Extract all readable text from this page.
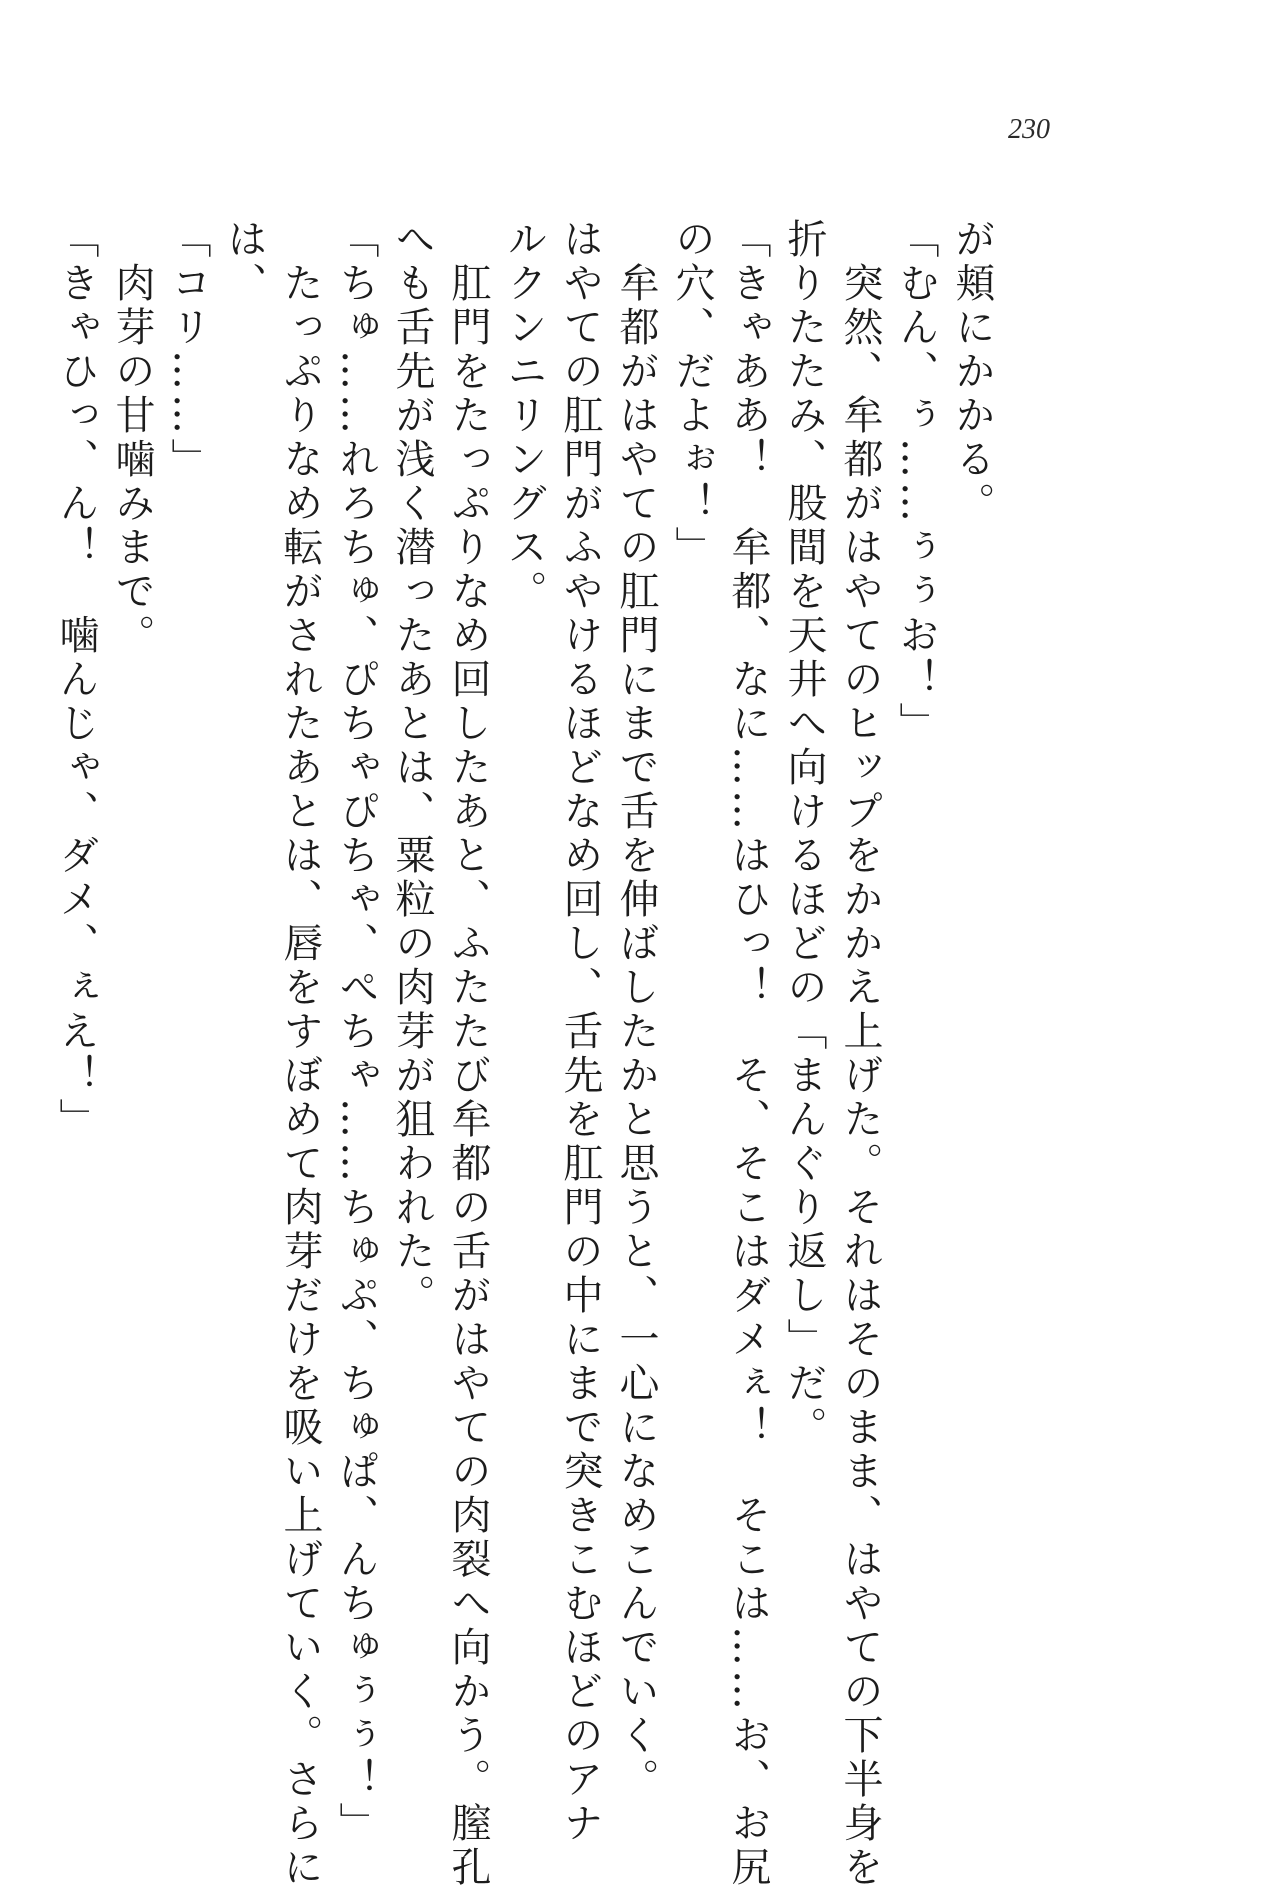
230

が頬にかかる。

「むん、ぅ……ぅぅお！」

　突然、牟都がはやてのヒップをかかえ上げた。それはそのまま、はやての下半身を

折りたたみ、股間を天井へ向けるほどの「まんぐり返し」だ。

「きゃああ！　牟都、なに……はひっ！　そ、そこはダメぇ！　そこは……お、お尻

の穴、だよぉ！」

　牟都がはやての肛門にまで舌を伸ばしたかと思うと、一心になめこんでいく。

はやての肛門がふやけるほどなめ回し、舌先を肛門の中にまで突きこむほどのアナ

ルクンニリングス。

　肛門をたっぷりなめ回したあと、ふたたび牟都の舌がはやての肉裂へ向かう。膣孔

へも舌先が浅く潜ったあとは、粟粒の肉芽が狙われた。

「ちゅ……れろちゅ、ぴちゃぴちゃ、ぺちゃ……ちゅぷ、ちゅぱ、んちゅぅぅ！」

　たっぷりなめ転がされたあとは、唇をすぼめて肉芽だけを吸い上げていく。さらに

は、

「コリ……」

　肉芽の甘噛みまで。

「きゃひっ、ん！　噛んじゃ、ダメ、ぇえ！」
